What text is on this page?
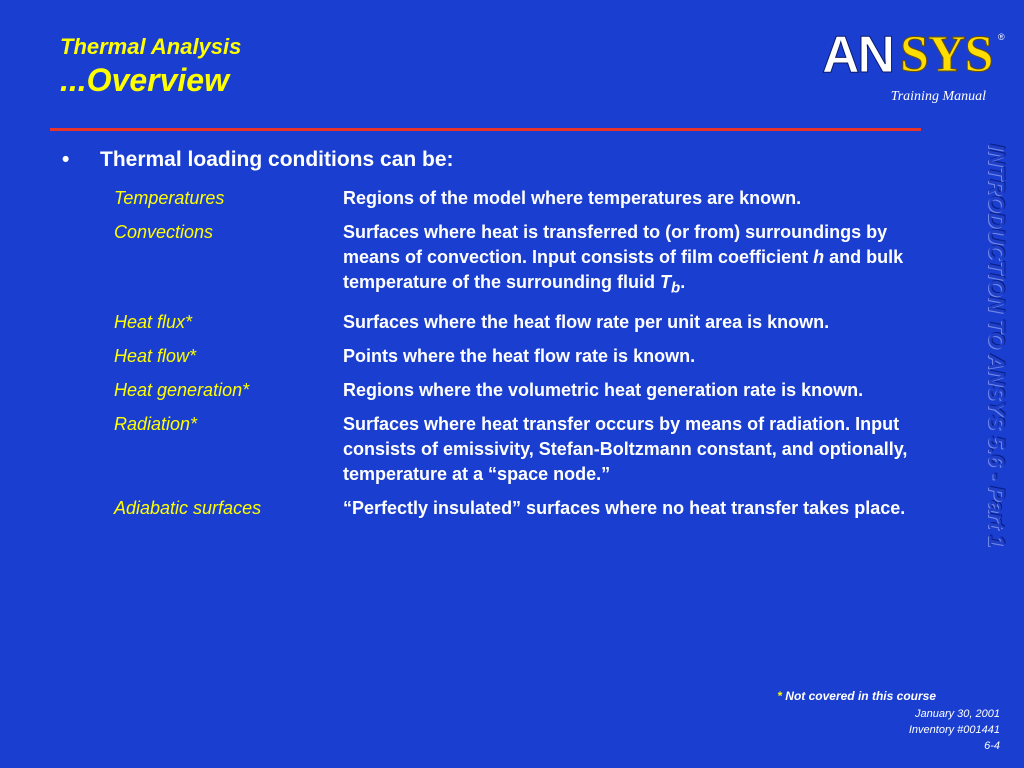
Thermal Analysis
...Overview	AN SYS ®
Training Manual
• Thermal loading conditions can be:
Temperatures	Regions of the model where temperatures are known.
Convections	Surfaces where heat is transferred to (or from) surroundings by means of convection. Input consists of film coefficient h and bulk temperature of the surrounding fluid $T_b$.
Heat flux*	Surfaces where the heat flow rate per unit area is known.
Heat flow*	Points where the heat flow rate is known.
Heat generation*	Regions where the volumetric heat generation rate is known.
Radiation*	Surfaces where heat transfer occurs by means of radiation. Input consists of emissivity, Stefan-Boltzmann constant, and optionally, temperature at a “space node.”
Adiabatic surfaces	“Perfectly insulated” surfaces where no heat transfer takes place.
* Not covered in this course
January 30, 2001
Inventory #001441
6-4
INTRODUCTION TO ANSYS 5.6 - Part 1
